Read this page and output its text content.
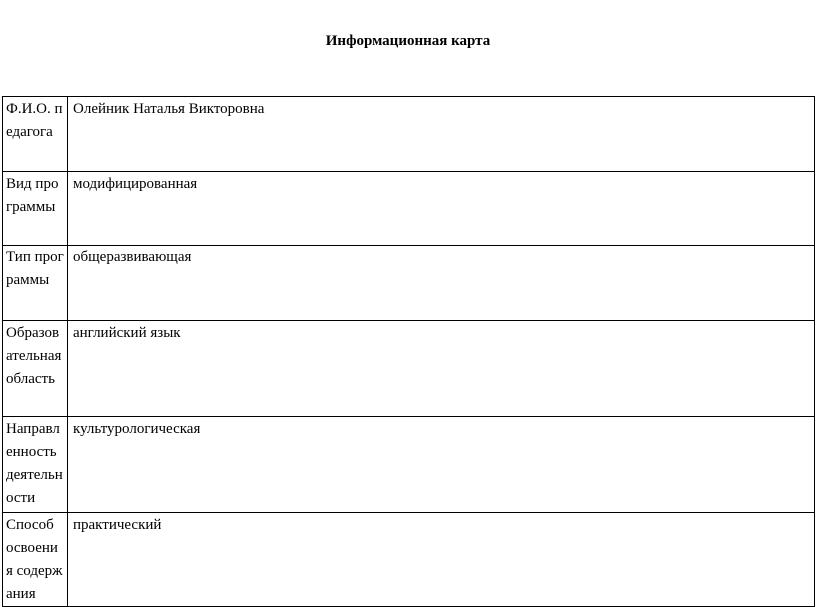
Информационная карта
Ф.И.О. педагога	Олейник Наталья Викторовна

Вид программы	модифицированная

Тип программы	общеразвивающая

Образовательная область	английский язык

Направленность деятельности	культурологическая

Способ освоения содержания	практический
